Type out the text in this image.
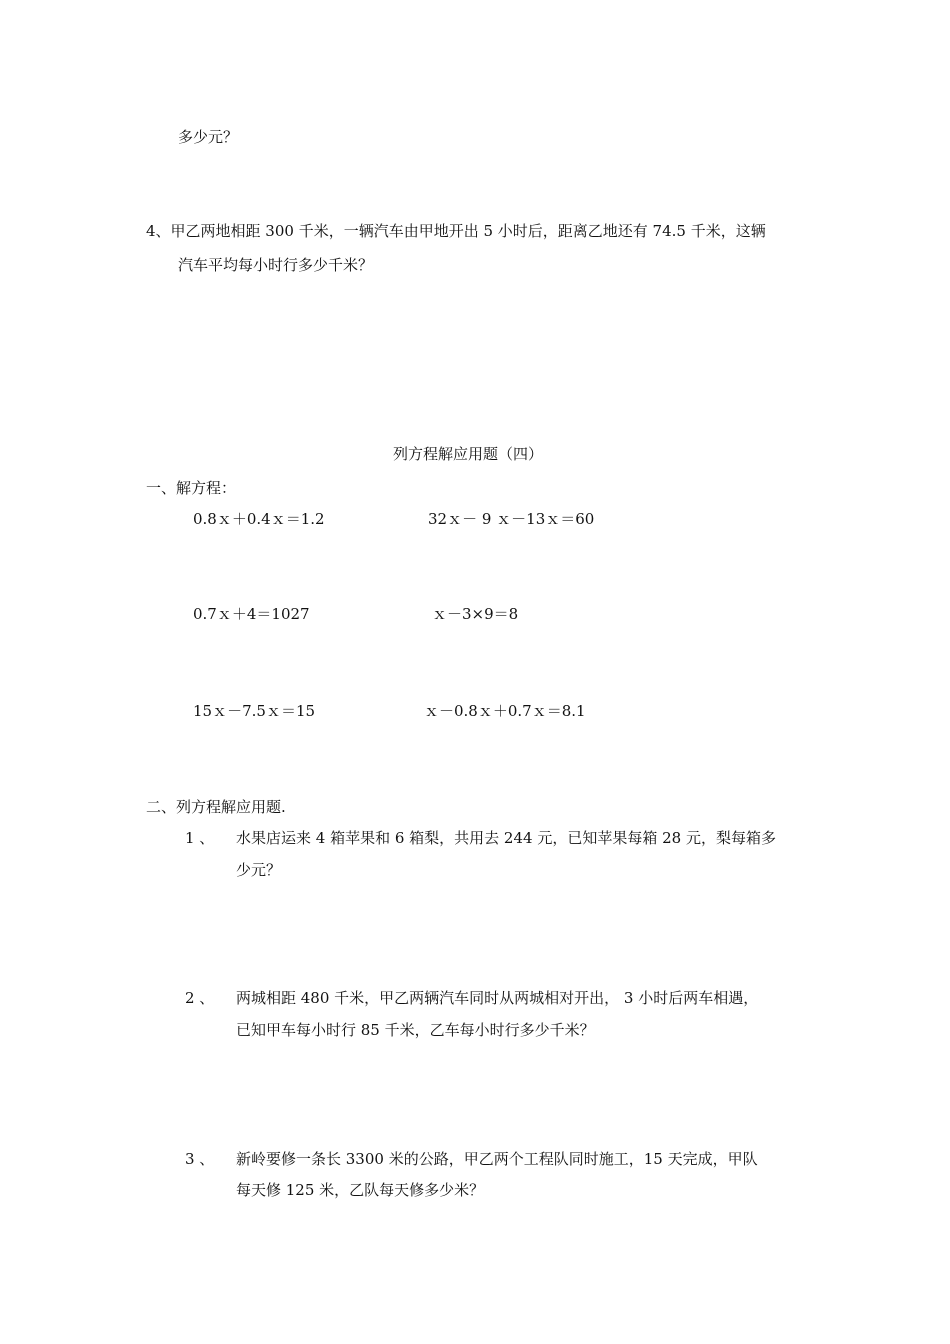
多少元？
4、甲乙两地相距 300 千米，一辆汽车由甲地开出 5 小时后，距离乙地还有 74.5 千米，这辆
汽车平均每小时行多少千米？
列方程解应用题（四）
一、解方程：
0.8ｘ＋0.4ｘ＝1.2	32ｘ－ 9 ｘ－13ｘ＝60
0.7ｘ＋4＝1027	ｘ－3×9＝8
15ｘ－7.5ｘ＝15	ｘ－0.8ｘ＋0.7ｘ＝8.1
二、列方程解应用题.
1 、 水果店运来 4 箱苹果和 6 箱梨，共用去 244 元，已知苹果每箱 28 元，梨每箱多
少元？
2 、 两城相距 480 千米，甲乙两辆汽车同时从两城相对开出， 3 小时后两车相遇，
已知甲车每小时行 85 千米，乙车每小时行多少千米？
3 、 新岭要修一条长 3300 米的公路，甲乙两个工程队同时施工，15 天完成，甲队
每天修 125 米，乙队每天修多少米？
